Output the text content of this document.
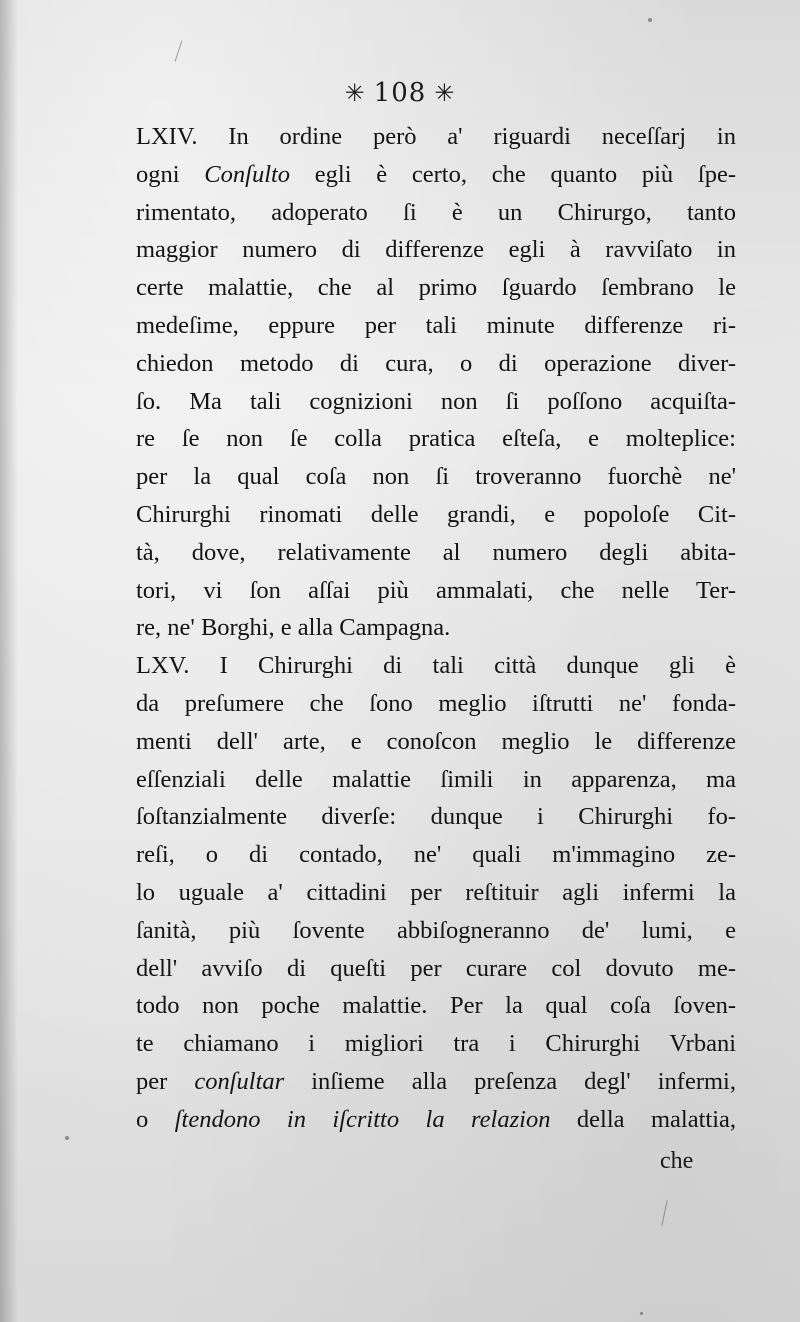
✳ 108 ✳
LXIV. In ordine però a' riguardi neceſſarj in
ogni Conſulto egli è certo, che quanto più ſpe-
rimentato, adoperato ſi è un Chirurgo, tanto
maggior numero di differenze egli à ravviſato in
certe malattie, che al primo ſguardo ſembrano le
medeſime, eppure per tali minute differenze ri-
chiedon metodo di cura, o di operazione diver-
ſo. Ma tali cognizioni non ſi poſſono acquiſta-
re ſe non ſe colla pratica eſteſa, e molteplice:
per la qual coſa non ſi troveranno fuorchè ne'
Chirurghi rinomati delle grandi, e popoloſe Cit-
tà, dove, relativamente al numero degli abita-
tori, vi ſon aſſai più ammalati, che nelle Ter-
re, ne' Borghi, e alla Campagna.
LXV. I Chirurghi di tali città dunque gli è
da preſumere che ſono meglio iſtrutti ne' fonda-
menti dell' arte, e conoſcon meglio le differenze
eſſenziali delle malattie ſimili in apparenza, ma
ſoſtanzialmente diverſe: dunque i Chirurghi fo-
reſi, o di contado, ne' quali m'immagino ze-
lo uguale a' cittadini per reſtituir agli infermi la
ſanità, più ſovente abbiſogneranno de' lumi, e
dell' avviſo di queſti per curare col dovuto me-
todo non poche malattie. Per la qual coſa ſoven-
te chiamano i migliori tra i Chirurghi Vrbani
per conſultar inſieme alla preſenza degl' infermi,
o ſtendono in iſcritto la relazion della malattia,
che
